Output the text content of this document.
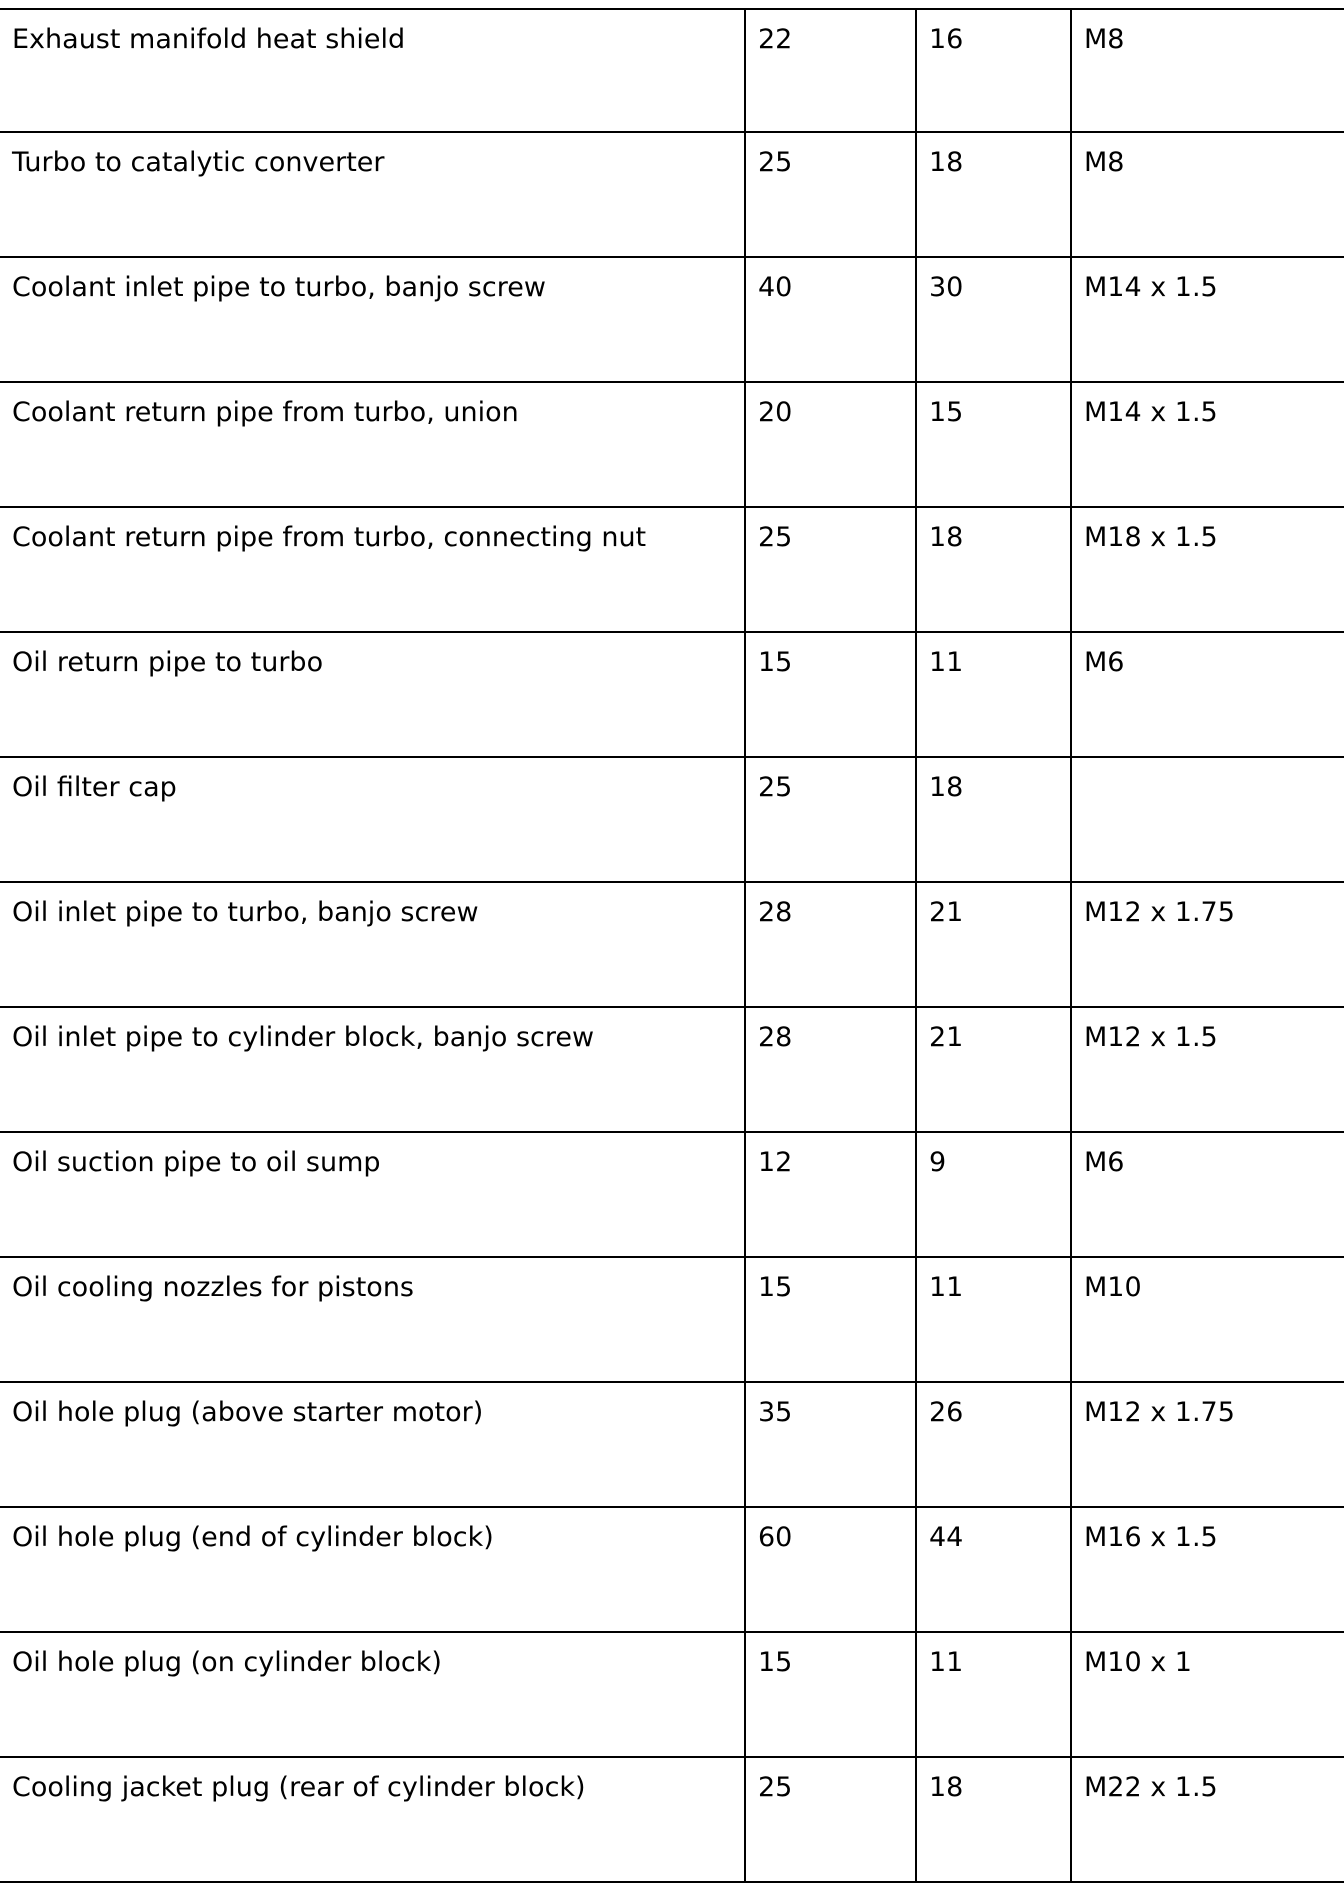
Exhaust manifold heat shield	22	16	M8
Turbo to catalytic converter	25	18	M8
Coolant inlet pipe to turbo, banjo screw	40	30	M14 x 1.5
Coolant return pipe from turbo, union	20	15	M14 x 1.5
Coolant return pipe from turbo, connecting nut	25	18	M18 x 1.5
Oil return pipe to turbo	15	11	M6
Oil filter cap	25	18
Oil inlet pipe to turbo, banjo screw	28	21	M12 x 1.75
Oil inlet pipe to cylinder block, banjo screw	28	21	M12 x 1.5
Oil suction pipe to oil sump	12	9	M6
Oil cooling nozzles for pistons	15	11	M10
Oil hole plug (above starter motor)	35	26	M12 x 1.75
Oil hole plug (end of cylinder block)	60	44	M16 x 1.5
Oil hole plug (on cylinder block)	15	11	M10 x 1
Cooling jacket plug (rear of cylinder block)	25	18	M22 x 1.5
